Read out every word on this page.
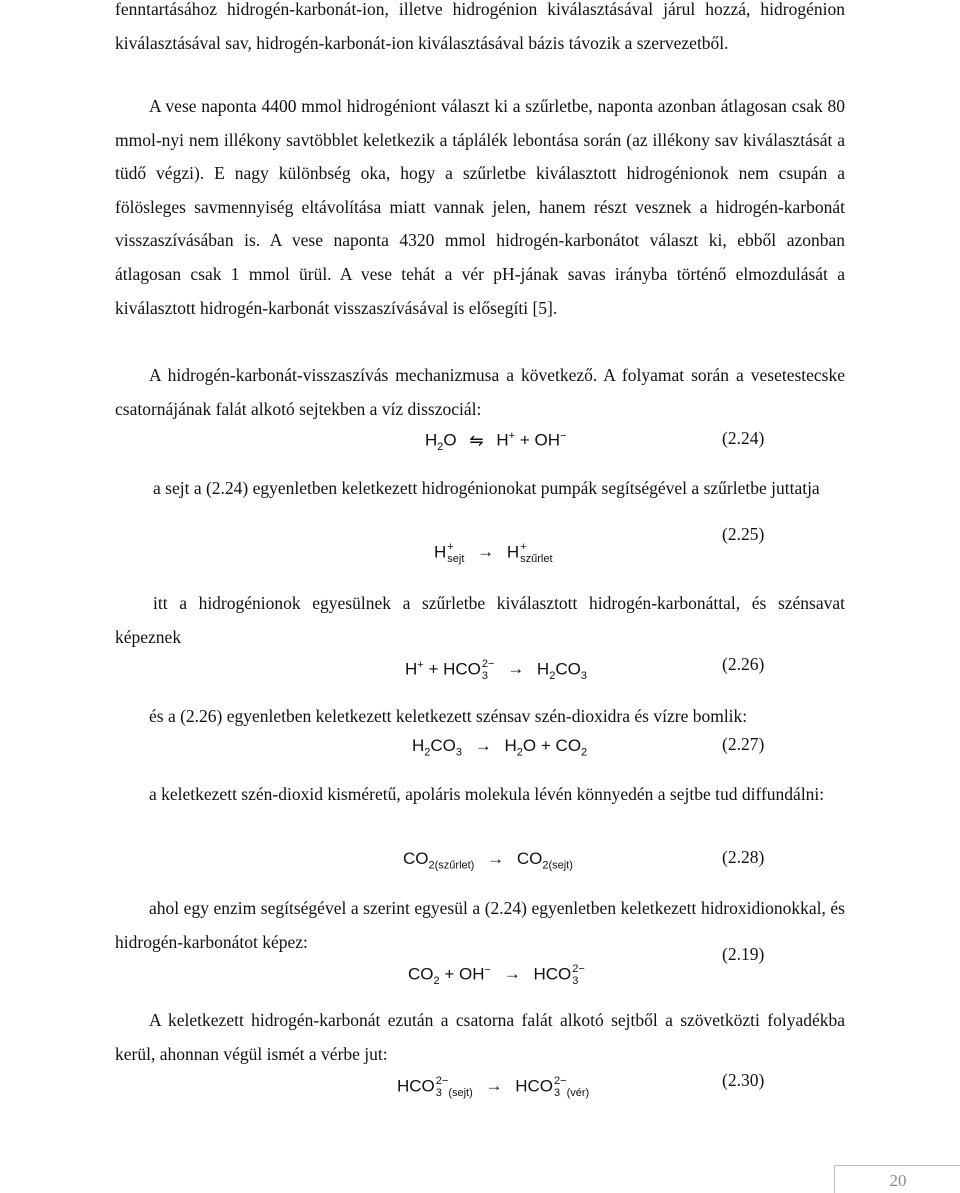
fenntartásához hidrogén-karbonát-ion, illetve hidrogénion kiválasztásával járul hozzá, hidrogénion kiválasztásával sav, hidrogén-karbonát-ion kiválasztásával bázis távozik a szervezetből.

A vese naponta 4400 mmol hidrogéniont választ ki a szűrletbe, naponta azonban átlagosan csak 80 mmol-nyi nem illékony savtöbblet keletkezik a táplálék lebontása során (az illékony sav kiválasztását a tüdő végzi). E nagy különbség oka, hogy a szűrletbe kiválasztott hidrogénionok nem csupán a fölösleges savmennyiség eltávolítása miatt vannak jelen, hanem részt vesznek a hidrogén-karbonát visszaszívásában is. A vese naponta 4320 mmol hidrogén-karbonátot választ ki, ebből azonban átlagosan csak 1 mmol ürül. A vese tehát a vér pH-jának savas irányba történő elmozdulását a kiválasztott hidrogén-karbonát visszaszívásával is elősegíti [5].

A hidrogén-karbonát-visszaszívás mechanizmusa a következő. A folyamat során a vesetestecske csatornájának falát alkotó sejtekben a víz disszociál:

$H_2O$ ⇋ H+ + OH−	(2.24)

a sejt a (2.24) egyenletben keletkezett hidrogénionokat pumpák segítségével a szűrletbe juttatja

H +
sejt → H +
szűrlet
(2.25)

itt a hidrogénionok egyesülnek a szűrletbe kiválasztott hidrogén-karbonáttal, és szénsavat képeznek

H+ + HCO 2−
3	→ $H_2CO_3$
(2.26)

és a (2.26) egyenletben keletkezett keletkezett szénsav szén-dioxidra és vízre bomlik:

$H_2CO_3 \to H_2O + CO_2$	(2.27)

a keletkezett szén-dioxid kisméretű, apoláris molekula lévén könnyedén a sejtbe tud diffundálni:

$CO_{2(szűrlet)} \to CO_{2(sejt)}$	(2.28)

ahol egy enzim segítségével a szerint egyesül a (2.24) egyenletben keletkezett hidroxidionokkal, és hidrogén-karbonátot képez:

$CO_2 + OH^-$ → HCO 2−
3
(2.19)

A keletkezett hidrogén-karbonát ezután a csatorna falát alkotó sejtből a szövetközti folyadékba kerül, ahonnan végül ismét a vérbe jut:

HCO 2−
3 $_{(sejt)}$ → HCO 2−
3 $_{(vér)}$
(2.30)
20
